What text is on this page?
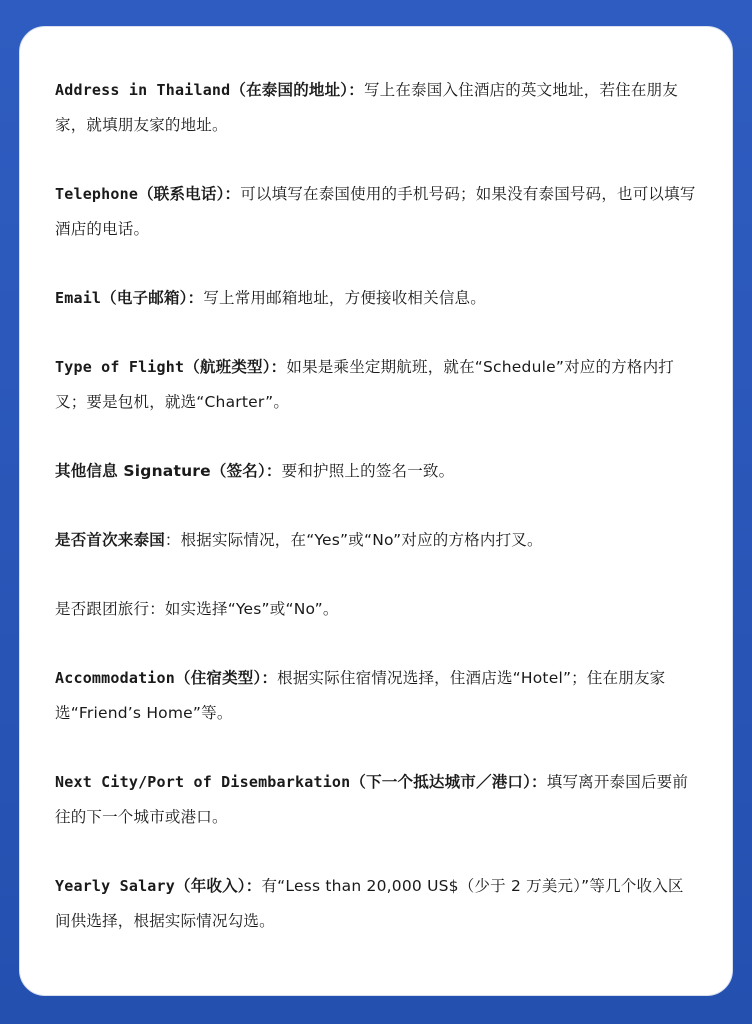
Address in Thailand（在泰国的地址）：写上在泰国入住酒店的英文地址，若住在朋友家，就填朋友家的地址。

Telephone（联系电话）：可以填写在泰国使用的手机号码；如果没有泰国号码，也可以填写酒店的电话。

Email（电子邮箱）：写上常用邮箱地址，方便接收相关信息。

Type of Flight（航班类型）：如果是乘坐定期航班，就在“Schedule”对应的方格内打叉；要是包机，就选“Charter”。

其他信息 Signature（签名）：要和护照上的签名一致。

是否首次来泰国：根据实际情况，在“Yes”或“No”对应的方格内打叉。

是否跟团旅行：如实选择“Yes”或“No”。

Accommodation（住宿类型）：根据实际住宿情况选择，住酒店选“Hotel”；住在朋友家选“Friend’s Home”等。

Next City/Port of Disembarkation（下一个抵达城市／港口）：填写离开泰国后要前往的下一个城市或港口。

Yearly Salary（年收入）：有“Less than 20,000 US$（少于 2 万美元）”等几个收入区间供选择，根据实际情况勾选。
